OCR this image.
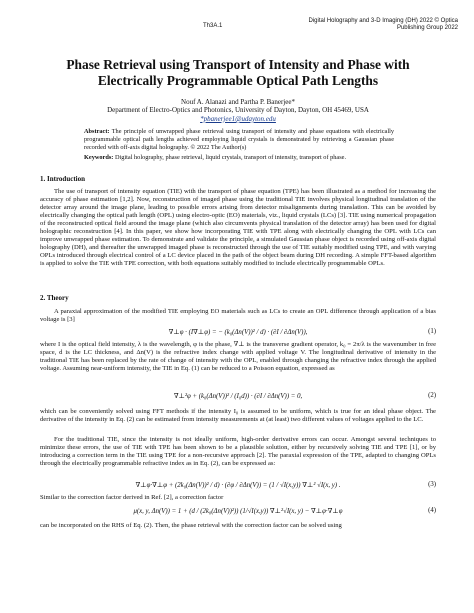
Th3A.1
Digital Holography and 3-D Imaging (DH) 2022 © Optica
Publishing Group 2022
Phase Retrieval using Transport of Intensity and Phase with
Electrically Programmable Optical Path Lengths
Nouf A. Alanazi and Partha P. Banerjee*
Department of Electro-Optics and Photonics, University of Dayton, Dayton, OH 45469, USA
*pbanerjee1@udayton.edu
Abstract: The principle of unwrapped phase retrieval using transport of intensity and phase equations with electrically programmable optical path lengths achieved employing liquid crystals is demonstrated by retrieving a Gaussian phase recorded with off-axis digital holography. © 2022 The Author(s)
Keywords: Digital holography, phase retrieval, liquid crystals, transport of intensity, transport of phase.
1. Introduction

The use of transport of intensity equation (TIE) with the transport of phase equation (TPE) has been illustrated as a method for increasing the accuracy of phase estimation [1,2]. Now, reconstruction of imaged phase using the traditional TIE involves physical longitudinal translation of the detector array around the image plane, leading to possible errors arising from detector misalignments during translation. This can be avoided by electrically changing the optical path length (OPL) using electro-optic (EO) materials, viz., liquid crystals (LCs) [3]. TIE using numerical propagation of the reconstructed optical field around the image plane (which also circumvents physical translation of the detector array) has been used for digital holographic reconstruction [4]. In this paper, we show how incorporating TIE with TPE along with electrically changing the OPL with LCs can improve unwrapped phase estimation. To demonstrate and validate the principle, a simulated Gaussian phase object is recorded using off-axis digital holography (DH), and thereafter the unwrapped imaged phase is reconstructed through the use of TIE suitably modified using TPE, and with varying OPLs introduced through electrical control of a LC device placed in the path of the object beam during DH recording. A simple FFT-based algorithm is applied to solve the TIE with TPE correction, with both equations suitably modified to include electrically programmable OPLs.

2. Theory

A paraxial approximation of the modified TIE employing EO materials such as LCs to create an OPL difference through application of a bias voltage is [3]

∇⊥φ · (I∇⊥φ) = − (k₀(Δn(V))² / d) · (∂I / ∂Δn(V)),	(1)

where I is the optical field intensity, λ is the wavelength, φ is the phase, ∇⊥ is the transverse gradient operator, k₀ = 2π/λ is the wavenumber in free space, d is the LC thickness, and Δn(V) is the refractive index change with applied voltage V. The longitudinal derivative of intensity in the traditional TIE has been replaced by the rate of change of intensity with the OPL, enabled through changing the refractive index through the applied voltage. Assuming near-uniform intensity, the TIE in Eq. (1) can be reduced to a Poisson equation, expressed as

∇⊥²φ + (k₀(Δn(V))² / (I₀d)) · (∂I / ∂Δn(V)) = 0,	(2)

which can be conveniently solved using FFT methods if the intensity I₀ is assumed to be uniform, which is true for an ideal phase object. The derivative of the intensity in Eq. (2) can be estimated from intensity measurements at (at least) two different values of voltages applied to the LC.

For the traditional TIE, since the intensity is not ideally uniform, high-order derivative errors can occur. Amongst several techniques to minimize these errors, the use of TIE with TPE has been shown to be a plausible solution, either by recursively solving TIE and TPE [1], or by introducing a correction term in the TIE using TPE for a non-recursive approach [2]. The paraxial expression of the TPE, adapted to changing OPLs through the electrically programmable refractive index as in Eq. (2), can be expressed as:

∇⊥φ·∇⊥φ + (2k₀(Δn(V))² / d) · (∂φ / ∂Δn(V)) = (1 / √I(x,y)) ∇⊥² √I(x, y) .	(3)

Similar to the correction factor derived in Ref. [2], a correction factor

μ(x, y, Δn(V)) = 1 + (d / (2k₀(Δn(V))²)) (1/√I(x,y)) ∇⊥²√I(x, y) − ∇⊥φ·∇⊥φ	(4)

can be incorporated on the RHS of Eq. (2). Then, the phase retrieval with the correction factor can be solved using
